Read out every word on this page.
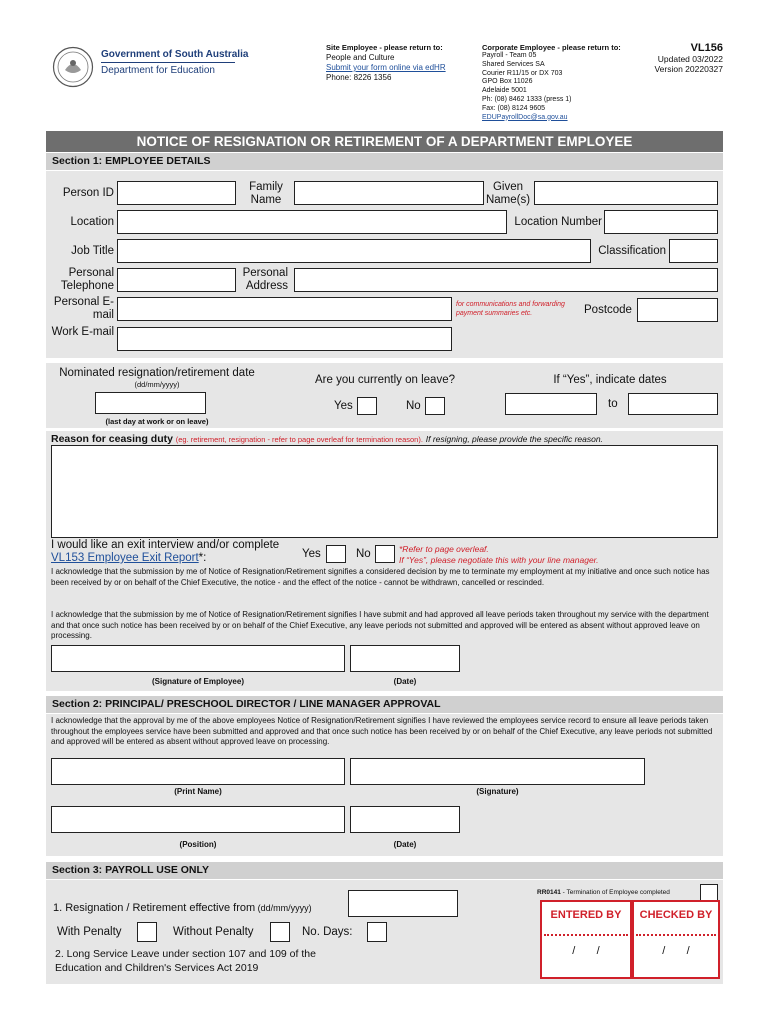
Government of South Australia
Department for Education
Site Employee - please return to:
People and Culture
Submit your form online via edHR
Phone: 8226 1356
Corporate Employee - please return to:
Payroll - Team 05
Shared Services SA
Courier R11/15 or DX 703
GPO Box 11026
Adelaide 5001
Ph: (08) 8462 1333 (press 1)
Fax: (08) 8124 9605
EDUPayrollDoc@sa.gov.au
VL156
Updated 03/2022
Version 20220327
NOTICE OF RESIGNATION OR RETIREMENT OF A DEPARTMENT EMPLOYEE
Section 1: EMPLOYEE DETAILS
Person ID	Family Name
Given Name(s)
Location	Location Number
Job Title	Classification
Personal Telephone
Personal Address
Personal E-mail
for communications and forwarding payment summaries etc.	Postcode
Work E-mail
Nominated resignation/retirement date
(dd/mm/yyyy)
(last day at work or on leave)
Are you currently on leave?
Yes	No
If “Yes”, indicate dates
to
Reason for ceasing duty (eg. retirement, resignation - refer to page overleaf for termination reason). If resigning, please provide the specific reason.
I would like an exit interview and/or complete
VL153 Employee Exit Report*:	Yes	No	*Refer to page overleaf.
If “Yes”, please negotiate this with your line manager.
I acknowledge that the submission by me of Notice of Resignation/Retirement signifies a considered decision by me to terminate my employment at my initiative and once such notice has been received by or on behalf of the Chief Executive, the notice - and the effect of the notice - cannot be withdrawn, cancelled or rescinded.
I acknowledge that the submission by me of Notice of Resignation/Retirement signifies I have submit and had approved all leave periods taken throughout my service with the department and that once such notice has been received by or on behalf of the Chief Executive, any leave periods not submitted and approved will be entered as absent without approved leave on processing.
(Signature of Employee)	(Date)
Section 2: PRINCIPAL/ PRESCHOOL DIRECTOR / LINE MANAGER APPROVAL
I acknowledge that the approval by me of the above employees Notice of Resignation/Retirement signifies I have reviewed the employees service record to ensure all leave periods taken throughout the employees service have been submitted and approved and that once such notice has been received by or on behalf of the Chief Executive, any leave periods not submitted and approved will be entered as absent without approved leave on processing.
(Print Name)	(Signature)
(Position)	(Date)
Section 3: PAYROLL USE ONLY
RR0141 - Termination of Employee completed
1. Resignation / Retirement effective from (dd/mm/yyyy)
With Penalty	Without Penalty	No. Days:
2. Long Service Leave under section 107 and 109 of the
Education and Children's Services Act 2019
ENTERED BY
/       /
CHECKED BY
/       /
